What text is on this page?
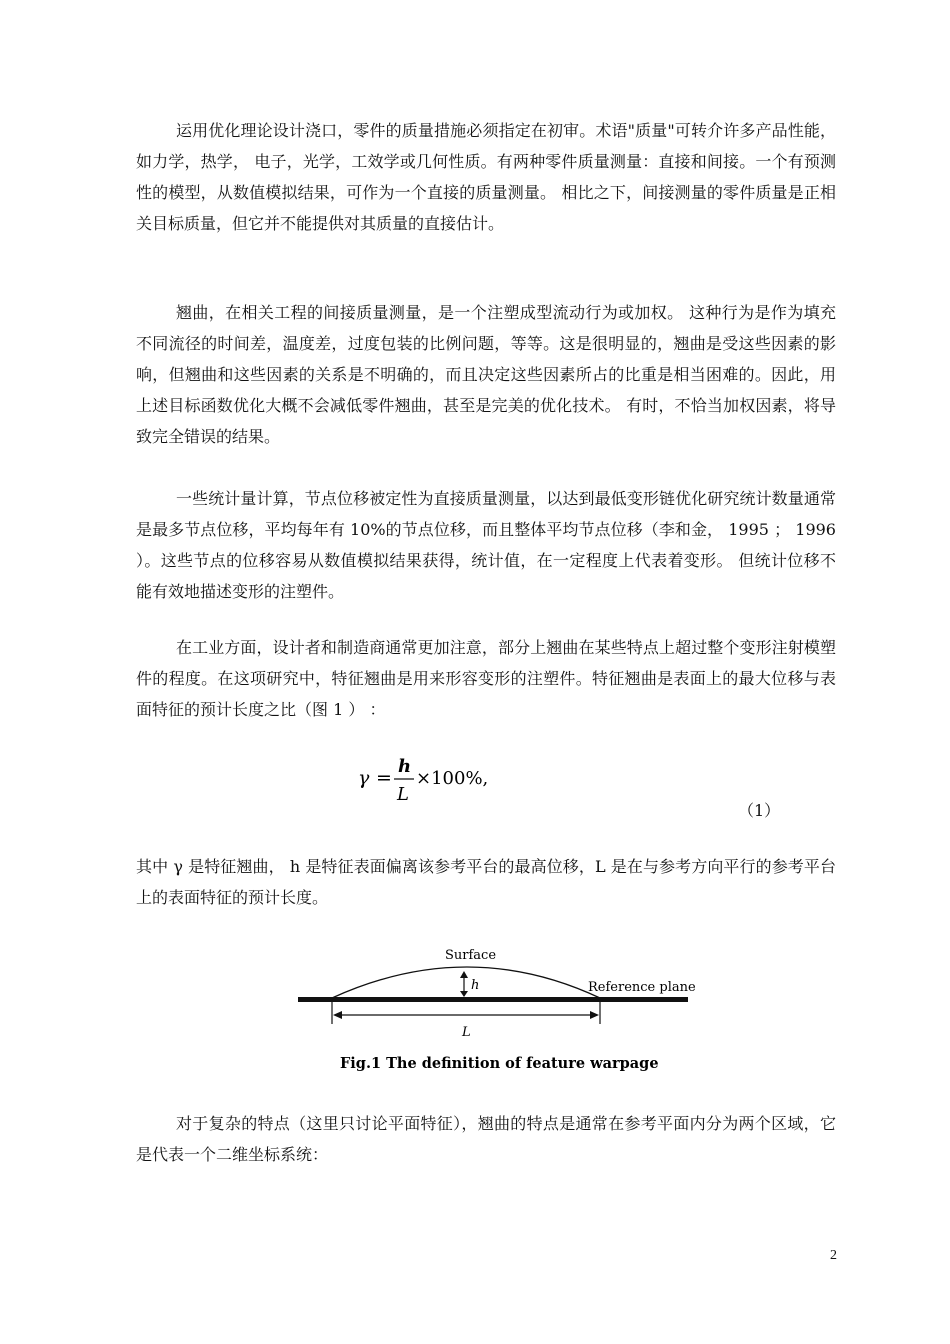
运用优化理论设计浇口，零件的质量措施必须指定在初审。术语"质量"可转介许多产品性能，如力学，热学， 电子，光学，工效学或几何性质。有两种零件质量测量：直接和间接。一个有预测性的模型，从数值模拟结果，可作为一个直接的质量测量。 相比之下，间接测量的零件质量是正相关目标质量，但它并不能提供对其质量的直接估计。

翘曲，在相关工程的间接质量测量，是一个注塑成型流动行为或加权。 这种行为是作为填充不同流径的时间差，温度差，过度包装的比例问题，等等。这是很明显的，翘曲是受这些因素的影响，但翘曲和这些因素的关系是不明确的，而且决定这些因素所占的比重是相当困难的。因此，用上述目标函数优化大概不会减低零件翘曲，甚至是完美的优化技术。 有时，不恰当加权因素，将导致完全错误的结果。

一些统计量计算，节点位移被定性为直接质量测量，以达到最低变形链优化研究统计数量通常是最多节点位移，平均每年有 10%的节点位移，而且整体平均节点位移（李和金， 1995 ； 1996 ）。这些节点的位移容易从数值模拟结果获得，统计值，在一定程度上代表着变形。 但统计位移不能有效地描述变形的注塑件。

在工业方面，设计者和制造商通常更加注意，部分上翘曲在某些特点上超过整个变形注射模塑件的程度。在这项研究中，特征翘曲是用来形容变形的注塑件。特征翘曲是表面上的最大位移与表面特征的预计长度之比（图 1 ） ：

γ =
h
L
×100%,
（1）

其中 γ 是特征翘曲， h 是特征表面偏离该参考平台的最高位移，L 是在与参考方向平行的参考平台上的表面特征的预计长度。

Surface
h	Reference plane
L
Fig.1 The definition of feature warpage

对于复杂的特点（这里只讨论平面特征），翘曲的特点是通常在参考平面内分为两个区域，它是代表一个二维坐标系统：

2
